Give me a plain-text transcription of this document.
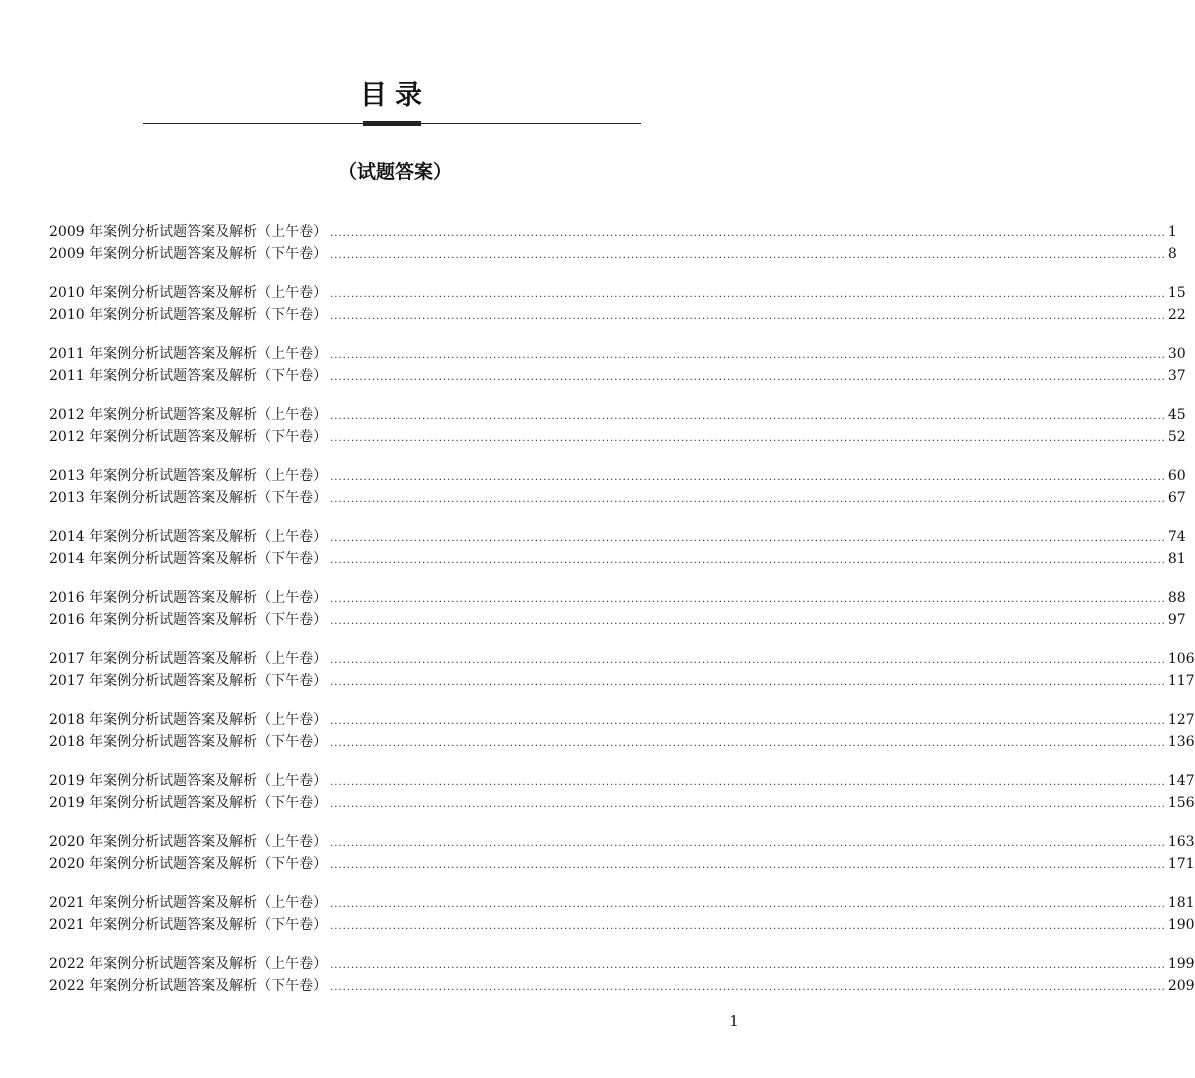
目录
（试题答案）
2009 年案例分析试题答案及解析（上午卷） ........................................................................................................................................................................................................ 1
2009 年案例分析试题答案及解析（下午卷） ........................................................................................................................................................................................................ 8
2010 年案例分析试题答案及解析（上午卷） ........................................................................................................................................................................................................ 15
2010 年案例分析试题答案及解析（下午卷） ........................................................................................................................................................................................................ 22
2011 年案例分析试题答案及解析（上午卷） ........................................................................................................................................................................................................ 30
2011 年案例分析试题答案及解析（下午卷） ........................................................................................................................................................................................................ 37
2012 年案例分析试题答案及解析（上午卷） ........................................................................................................................................................................................................ 45
2012 年案例分析试题答案及解析（下午卷） ........................................................................................................................................................................................................ 52
2013 年案例分析试题答案及解析（上午卷） ........................................................................................................................................................................................................ 60
2013 年案例分析试题答案及解析（下午卷） ........................................................................................................................................................................................................ 67
2014 年案例分析试题答案及解析（上午卷） ........................................................................................................................................................................................................ 74
2014 年案例分析试题答案及解析（下午卷） ........................................................................................................................................................................................................ 81
2016 年案例分析试题答案及解析（上午卷） ........................................................................................................................................................................................................ 88
2016 年案例分析试题答案及解析（下午卷） ........................................................................................................................................................................................................ 97
2017 年案例分析试题答案及解析（上午卷） ........................................................................................................................................................................................................ 106
2017 年案例分析试题答案及解析（下午卷） ........................................................................................................................................................................................................ 117
2018 年案例分析试题答案及解析（上午卷） ........................................................................................................................................................................................................ 127
2018 年案例分析试题答案及解析（下午卷） ........................................................................................................................................................................................................ 136
2019 年案例分析试题答案及解析（上午卷） ........................................................................................................................................................................................................ 147
2019 年案例分析试题答案及解析（下午卷） ........................................................................................................................................................................................................ 156
2020 年案例分析试题答案及解析（上午卷） ........................................................................................................................................................................................................ 163
2020 年案例分析试题答案及解析（下午卷） ........................................................................................................................................................................................................ 171
2021 年案例分析试题答案及解析（上午卷） ........................................................................................................................................................................................................ 181
2021 年案例分析试题答案及解析（下午卷） ........................................................................................................................................................................................................ 190
2022 年案例分析试题答案及解析（上午卷） ........................................................................................................................................................................................................ 199
2022 年案例分析试题答案及解析（下午卷） ........................................................................................................................................................................................................ 209
1
